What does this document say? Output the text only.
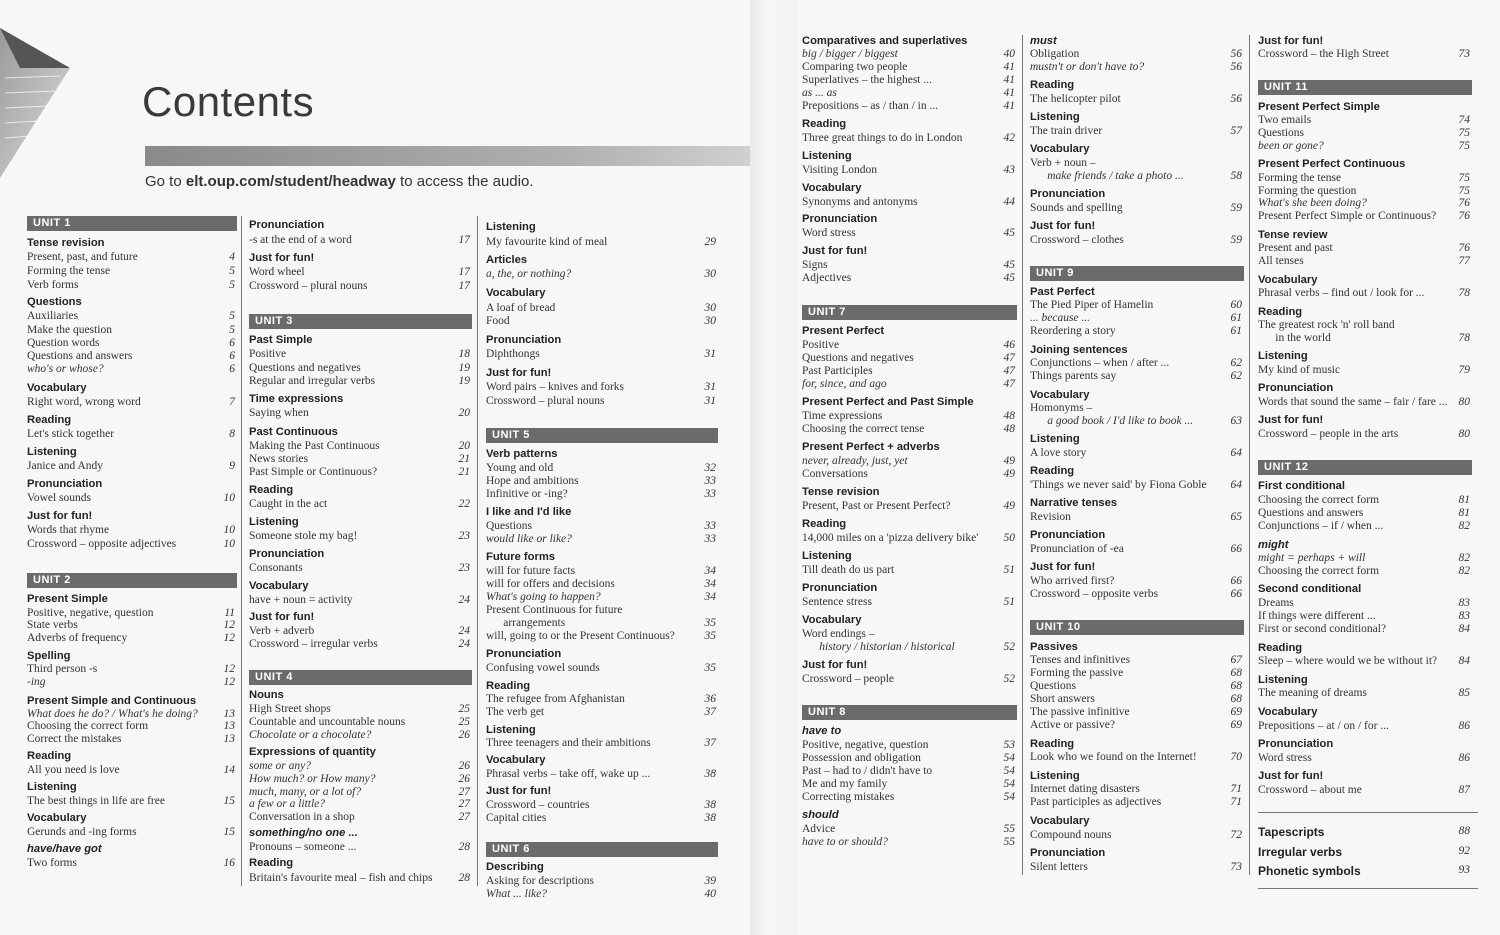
Contents
Go to elt.oup.com/student/headway to access the audio.
UNIT 1
Tense revision
Present, past, and future	4
Forming the tense	5
Verb forms	5
Questions
Auxiliaries	5
Make the question	5
Question words	6
Questions and answers	6
who's or whose?	6
Vocabulary
Right word, wrong word	7
Reading
Let's stick together	8
Listening
Janice and Andy	9
Pronunciation
Vowel sounds	10
Just for fun!
Words that rhyme	10
Crossword – opposite adjectives	10
UNIT 2
Present Simple
Positive, negative, question	11
State verbs	12
Adverbs of frequency	12
Spelling
Third person -s	12
-ing	12
Present Simple and Continuous
What does he do? / What's he doing? 13
Choosing the correct form	13
Correct the mistakes	13
Reading
All you need is love	14
Listening
The best things in life are free	15
Vocabulary
Gerunds and -ing forms	15
have/have got
Two forms	16
Pronunciation
-s at the end of a word	17
Just for fun!
Word wheel	17
Crossword – plural nouns	17
UNIT 3
Past Simple
Positive	18
Questions and negatives	19
Regular and irregular verbs	19
Time expressions
Saying when	20
Past Continuous
Making the Past Continuous	20
News stories	21
Past Simple or Continuous?	21
Reading
Caught in the act	22
Listening
Someone stole my bag!	23
Pronunciation
Consonants	23
Vocabulary
have + noun = activity	24
Just for fun!
Verb + adverb	24
Crossword – irregular verbs	24
UNIT 4
Nouns
High Street shops	25
Countable and uncountable nouns	25
Chocolate or a chocolate?	26
Expressions of quantity
some or any?	26
How much? or How many?	26
much, many, or a lot of?	27
a few or a little?	27
Conversation in a shop	27
something/no one ...
Pronouns – someone ...	28
Reading
Britain's favourite meal – fish and chips 28
Listening
My favourite kind of meal	29
Articles
a, the, or nothing?	30
Vocabulary
A loaf of bread	30
Food	30
Pronunciation
Diphthongs	31
Just for fun!
Word pairs – knives and forks	31
Crossword – plural nouns	31
UNIT 5
Verb patterns
Young and old	32
Hope and ambitions	33
Infinitive or -ing?	33
I like and I'd like
Questions	33
would like or like?	33
Future forms
will for future facts	34
will for offers and decisions	34
What's going to happen?	34
Present Continuous for future
arrangements	35
will, going to or the Present Continuous?	35
Pronunciation
Confusing vowel sounds	35
Reading
The refugee from Afghanistan	36
The verb get	37
Listening
Three teenagers and their ambitions	37
Vocabulary
Phrasal verbs – take off, wake up ...	38
Just for fun!
Crossword – countries	38
Capital cities	38
UNIT 6
Describing
Asking for descriptions	39
What ... like?	40
Comparatives and superlatives
big / bigger / biggest	40
Comparing two people	41
Superlatives – the highest ...	41
as ... as	41
Prepositions – as / than / in ...	41
Reading
Three great things to do in London	42
Listening
Visiting London	43
Vocabulary
Synonyms and antonyms	44
Pronunciation
Word stress	45
Just for fun!
Signs	45
Adjectives	45
UNIT 7
Present Perfect
Positive	46
Questions and negatives	47
Past Participles	47
for, since, and ago	47
Present Perfect and Past Simple
Time expressions	48
Choosing the correct tense	48
Present Perfect + adverbs
never, already, just, yet	49
Conversations	49
Tense revision
Present, Past or Present Perfect?	49
Reading
14,000 miles on a 'pizza delivery bike' 50
Listening
Till death do us part	51
Pronunciation
Sentence stress	51
Vocabulary
Word endings –
history / historian / historical	52
Just for fun!
Crossword – people	52
UNIT 8
have to
Positive, negative, question	53
Possession and obligation	54
Past – had to / didn't have to	54
Me and my family	54
Correcting mistakes	54
should
Advice	55
have to or should?	55
must
Obligation	56
mustn't or don't have to?	56
Reading
The helicopter pilot	56
Listening
The train driver	57
Vocabulary
Verb + noun –
make friends / take a photo ...	58
Pronunciation
Sounds and spelling	59
Just for fun!
Crossword – clothes	59
UNIT 9
Past Perfect
The Pied Piper of Hamelin	60
... because ...	61
Reordering a story	61
Joining sentences
Conjunctions – when / after ...	62
Things parents say	62
Vocabulary
Homonyms –
a good book / I'd like to book ...	63
Listening
A love story	64
Reading
'Things we never said' by Fiona Goble 64
Narrative tenses
Revision	65
Pronunciation
Pronunciation of -ea	66
Just for fun!
Who arrived first?	66
Crossword – opposite verbs	66
UNIT 10
Passives
Tenses and infinitives	67
Forming the passive	68
Questions	68
Short answers	68
The passive infinitive	69
Active or passive?	69
Reading
Look who we found on the Internet!	70
Listening
Internet dating disasters	71
Past participles as adjectives	71
Vocabulary
Compound nouns	72
Pronunciation
Silent letters	73
Just for fun!
Crossword – the High Street	73
UNIT 11
Present Perfect Simple
Two emails	74
Questions	75
been or gone?	75
Present Perfect Continuous
Forming the tense	75
Forming the question	75
What's she been doing?	76
Present Perfect Simple or Continuous? 76
Tense review
Present and past	76
All tenses	77
Vocabulary
Phrasal verbs – find out / look for ...	78
Reading
The greatest rock 'n' roll band
in the world	78
Listening
My kind of music	79
Pronunciation
Words that sound the same – fair / fare ... 80
Just for fun!
Crossword – people in the arts	80
UNIT 12
First conditional
Choosing the correct form	81
Questions and answers	81
Conjunctions – if / when ...	82
might
might = perhaps + will	82
Choosing the correct form	82
Second conditional
Dreams	83
If things were different ...	83
First or second conditional?	84
Reading
Sleep – where would we be without it? 84
Listening
The meaning of dreams	85
Vocabulary
Prepositions – at / on / for ...	86
Pronunciation
Word stress	86
Just for fun!
Crossword – about me	87
Tapescripts	88
Irregular verbs	92
Phonetic symbols	93
